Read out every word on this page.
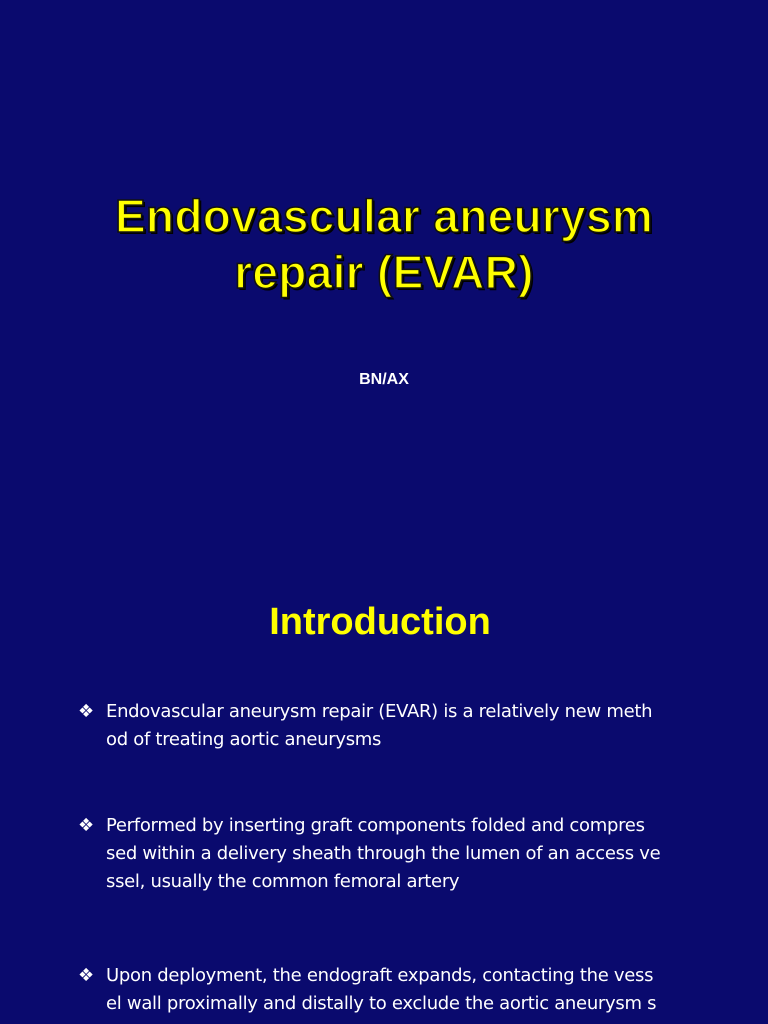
Endovascular aneurysm
repair (EVAR)
BN/AX
Introduction
❖ Endovascular aneurysm repair (EVAR) is a relatively new meth
od of treating aortic aneurysms
❖ Performed by inserting graft components folded and compres
sed within a delivery sheath through the lumen of an access ve
ssel, usually the common femoral artery
❖ Upon deployment, the endograft expands, contacting the vess
el wall proximally and distally to exclude the aortic aneurysm s
